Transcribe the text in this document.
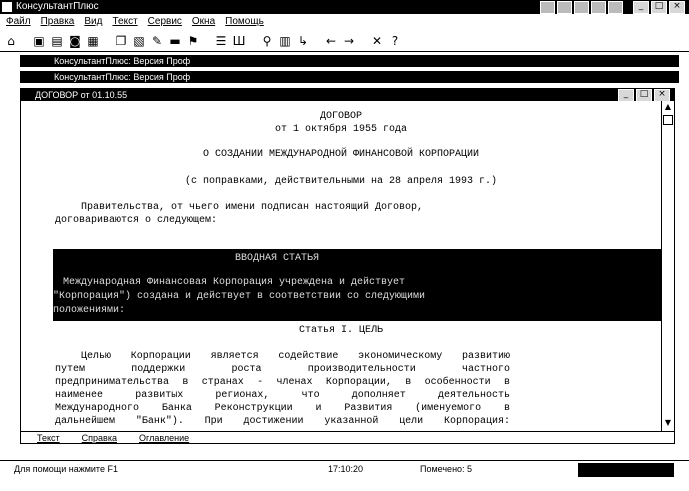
КонсультантПлюс	_	□	×
Файл Правка Вид Текст Сервис Окна Помощь
⌂ ▣ ▤ ◙ ▦ ❐ ▧ ✎ ▬ ⚑ ☰ Ш ⚲ ▥ ↳ ← → ✕ ?
КонсультантПлюс: Версия Проф
КонсультантПлюс: Версия Проф
ДОГОВОР от 01.10.55	_	□	×
ДОГОВОР
от 1 октября 1955 года
О СОЗДАНИИ МЕЖДУНАРОДНОЙ ФИНАНСОВОЙ КОРПОРАЦИИ
(с поправками, действительными на 28 апреля 1993 г.)
Правительства, от чьего имени подписан настоящий Договор,
договариваются о следующем:
ВВОДНАЯ СТАТЬЯ
Международная Финансовая Корпорация учреждена и действует
"Корпорация") создана и действует в соответствии со следующими
положениями:
Статья I. ЦЕЛЬ
Целью Корпорации является содействие экономическому развитию
путем поддержки роста производительности частного
предпринимательства в странах - членах Корпорации, в особенности в
наименее развитых регионах, что дополняет деятельность
Международного Банка Реконструкции и Развития (именуемого в
дальнейшем "Банк"). При достижении указанной цели Корпорация:
▲
▼
Текст Справка Оглавление
Для помощи нажмите F1	17:10:20	Помечено: 5
